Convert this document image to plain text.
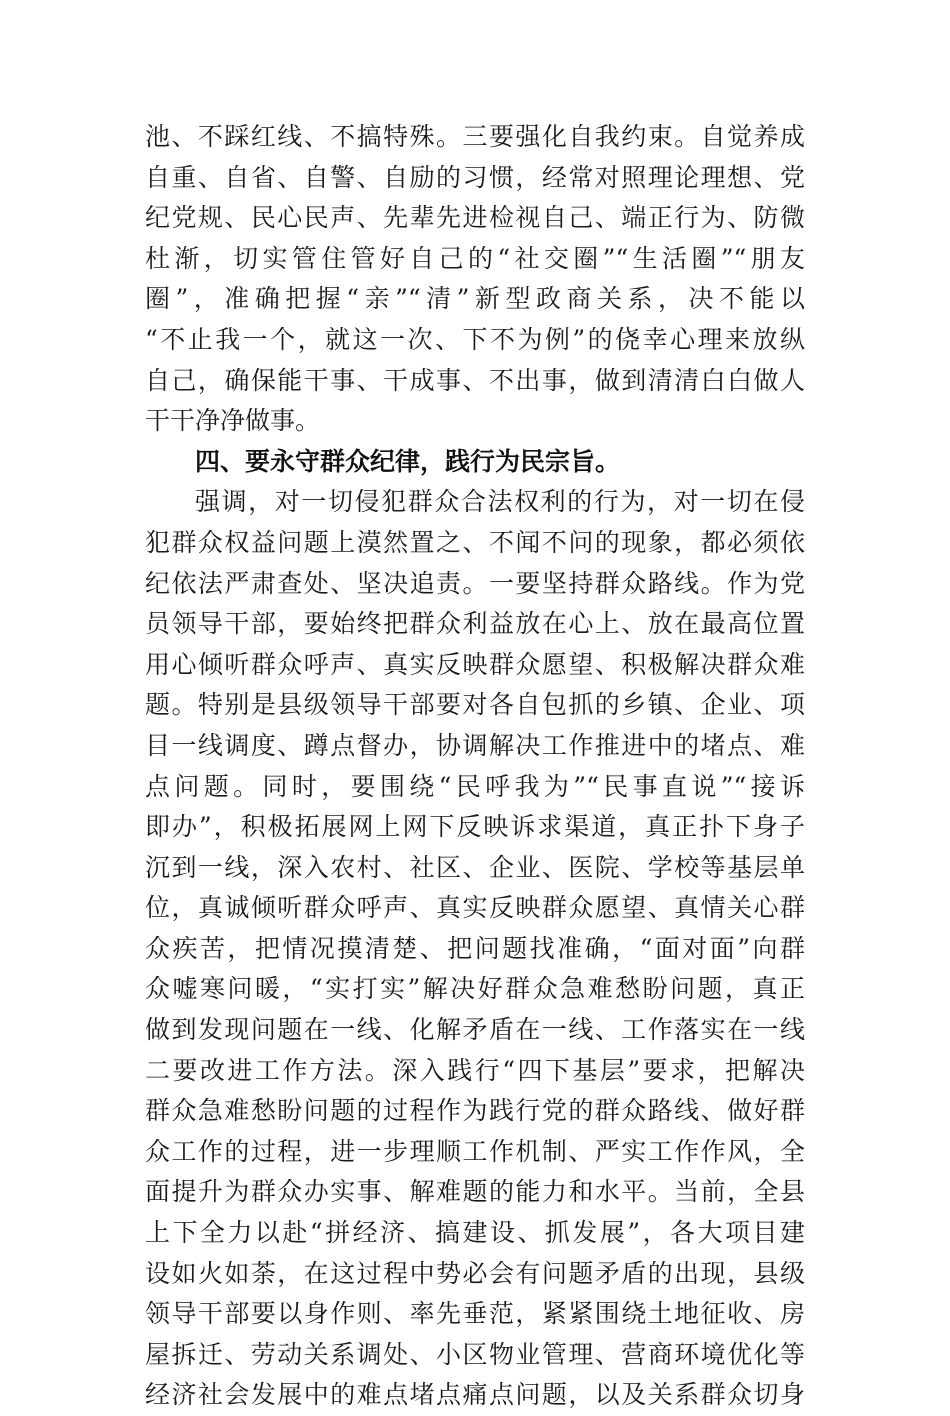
池、不踩红线、不搞特殊。三要强化自我约束。自觉养成
自重、自省、自警、自励的习惯，经常对照理论理想、党
纪党规、民心民声、先辈先进检视自己、端正行为、防微
杜渐，切实管住管好自己的“社交圈”“生活圈”“朋友
圈”，准确把握“亲”“清”新型政商关系，决不能以
“不止我一个，就这一次、下不为例”的侥幸心理来放纵
自己，确保能干事、干成事、不出事，做到清清白白做人
干干净净做事。
四、要永守群众纪律，践行为民宗旨。
强调，对一切侵犯群众合法权利的行为，对一切在侵
犯群众权益问题上漠然置之、不闻不问的现象，都必须依
纪依法严肃查处、坚决追责。一要坚持群众路线。作为党
员领导干部，要始终把群众利益放在心上、放在最高位置
用心倾听群众呼声、真实反映群众愿望、积极解决群众难
题。特别是县级领导干部要对各自包抓的乡镇、企业、项
目一线调度、蹲点督办，协调解决工作推进中的堵点、难
点问题。同时，要围绕“民呼我为”“民事直说”“接诉
即办”，积极拓展网上网下反映诉求渠道，真正扑下身子
沉到一线，深入农村、社区、企业、医院、学校等基层单
位，真诚倾听群众呼声、真实反映群众愿望、真情关心群
众疾苦，把情况摸清楚、把问题找准确，“面对面”向群
众嘘寒问暖，“实打实”解决好群众急难愁盼问题，真正
做到发现问题在一线、化解矛盾在一线、工作落实在一线
二要改进工作方法。深入践行“四下基层”要求，把解决
群众急难愁盼问题的过程作为践行党的群众路线、做好群
众工作的过程，进一步理顺工作机制、严实工作作风，全
面提升为群众办实事、解难题的能力和水平。当前，全县
上下全力以赴“拼经济、搞建设、抓发展”，各大项目建
设如火如荼，在这过程中势必会有问题矛盾的出现，县级
领导干部要以身作则、率先垂范，紧紧围绕土地征收、房
屋拆迁、劳动关系调处、小区物业管理、营商环境优化等
经济社会发展中的难点堵点痛点问题，以及关系群众切身
